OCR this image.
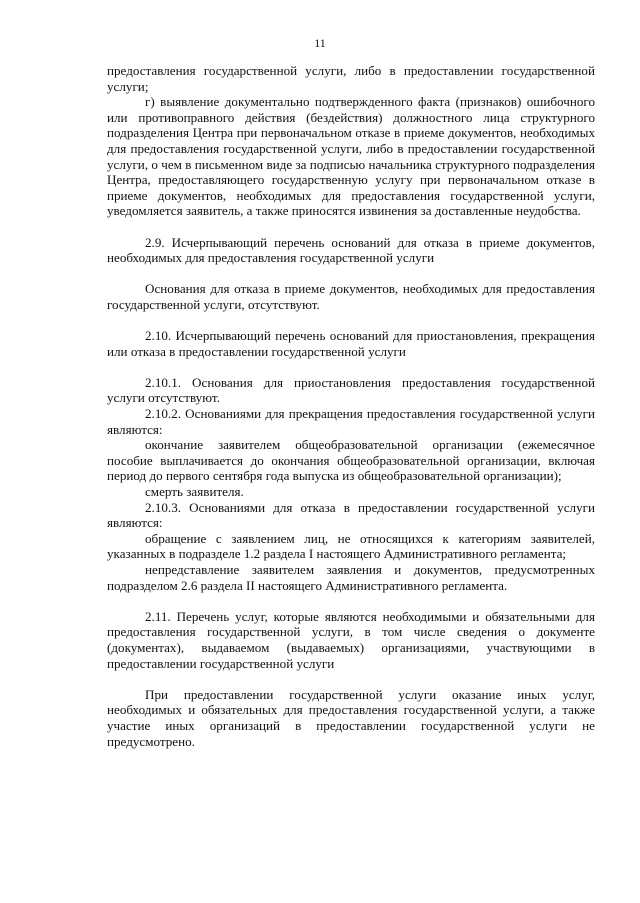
11

предоставления государственной услуги, либо в предоставлении государственной услуги;

г) выявление документально подтвержденного факта (признаков) ошибочного или противоправного действия (бездействия) должностного лица структурного подразделения Центра при первоначальном отказе в приеме документов, необходимых для предоставления государственной услуги, либо в предоставлении государственной услуги, о чем в письменном виде за подписью начальника структурного подразделения Центра, предоставляющего государственную услугу при первоначальном отказе в приеме документов, необходимых для предоставления государственной услуги, уведомляется заявитель, а также приносятся извинения за доставленные неудобства.

2.9. Исчерпывающий перечень оснований для отказа в приеме документов, необходимых для предоставления государственной услуги

Основания для отказа в приеме документов, необходимых для предоставления государственной услуги, отсутствуют.

2.10. Исчерпывающий перечень оснований для приостановления, прекращения или отказа в предоставлении государственной услуги

2.10.1. Основания для приостановления предоставления государственной услуги отсутствуют.

2.10.2. Основаниями для прекращения предоставления государственной услуги являются:

окончание заявителем общеобразовательной организации (ежемесячное пособие выплачивается до окончания общеобразовательной организации, включая период до первого сентября года выпуска из общеобразовательной организации);

смерть заявителя.

2.10.3. Основаниями для отказа в предоставлении государственной услуги являются:

обращение с заявлением лиц, не относящихся к категориям заявителей, указанных в подразделе 1.2 раздела I настоящего Административного регламента;

непредставление заявителем заявления и документов, предусмотренных подразделом 2.6 раздела II настоящего Административного регламента.

2.11. Перечень услуг, которые являются необходимыми и обязательными для предоставления государственной услуги, в том числе сведения о документе (документах), выдаваемом (выдаваемых) организациями, участвующими в предоставлении государственной услуги

При предоставлении государственной услуги оказание иных услуг, необходимых и обязательных для предоставления государственной услуги, а также участие иных организаций в предоставлении государственной услуги не предусмотрено.
